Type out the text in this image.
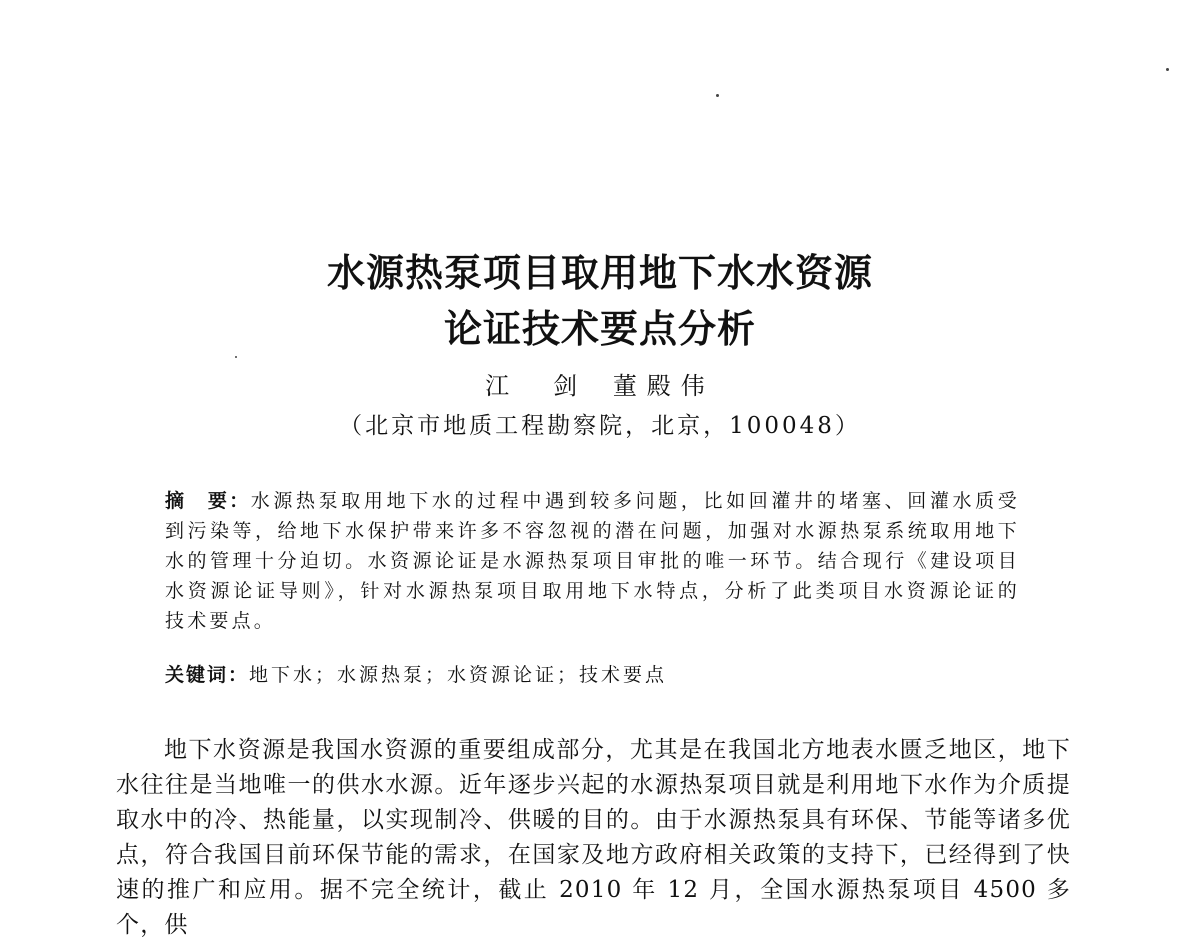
水源热泵项目取用地下水水资源
论证技术要点分析
江　剑 董殿伟
（北京市地质工程勘察院，北京，100048）
摘　要：水源热泵取用地下水的过程中遇到较多问题，比如回灌井的堵塞、回灌水质受到污染等，给地下水保护带来许多不容忽视的潜在问题，加强对水源热泵系统取用地下水的管理十分迫切。水资源论证是水源热泵项目审批的唯一环节。结合现行《建设项目水资源论证导则》，针对水源热泵项目取用地下水特点，分析了此类项目水资源论证的技术要点。
关键词：地下水；水源热泵；水资源论证；技术要点

地下水资源是我国水资源的重要组成部分，尤其是在我国北方地表水匮乏地区，地下水往往是当地唯一的供水水源。近年逐步兴起的水源热泵项目就是利用地下水作为介质提取水中的冷、热能量，以实现制冷、供暖的目的。由于水源热泵具有环保、节能等诸多优点，符合我国目前环保节能的需求，在国家及地方政府相关政策的支持下，已经得到了快速的推广和应用。据不完全统计，截止 2010 年 12 月，全国水源热泵项目 4500 多个，供
